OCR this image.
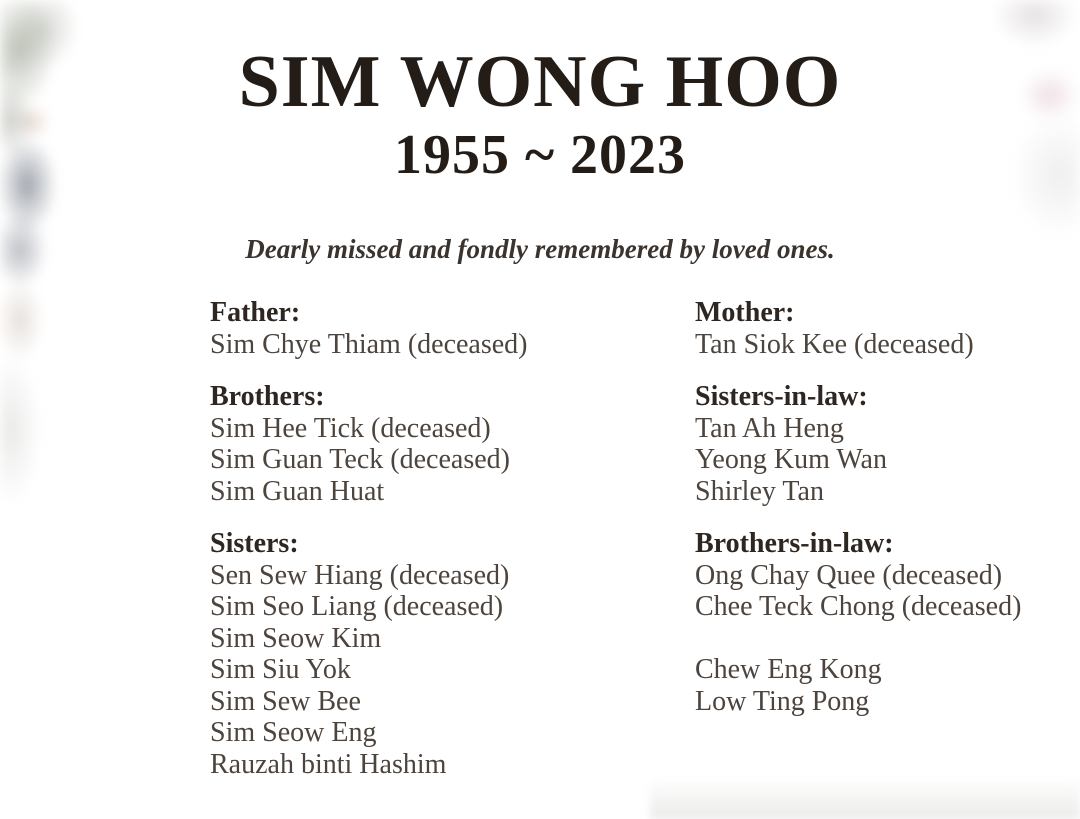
SIM WONG HOO
1955 ~ 2023
Dearly missed and fondly remembered by loved ones.
Father:
Sim Chye Thiam (deceased)
Brothers:
Sim Hee Tick (deceased)
Sim Guan Teck (deceased)
Sim Guan Huat
Sisters:
Sen Sew Hiang (deceased)
Sim Seo Liang (deceased)
Sim Seow Kim
Sim Siu Yok
Sim Sew Bee
Sim Seow Eng
Rauzah binti Hashim
Mother:
Tan Siok Kee (deceased)
Sisters-in-law:
Tan Ah Heng
Yeong Kum Wan
Shirley Tan
Brothers-in-law:
Ong Chay Quee (deceased)
Chee Teck Chong (deceased)

Chew Eng Kong
Low Ting Pong
